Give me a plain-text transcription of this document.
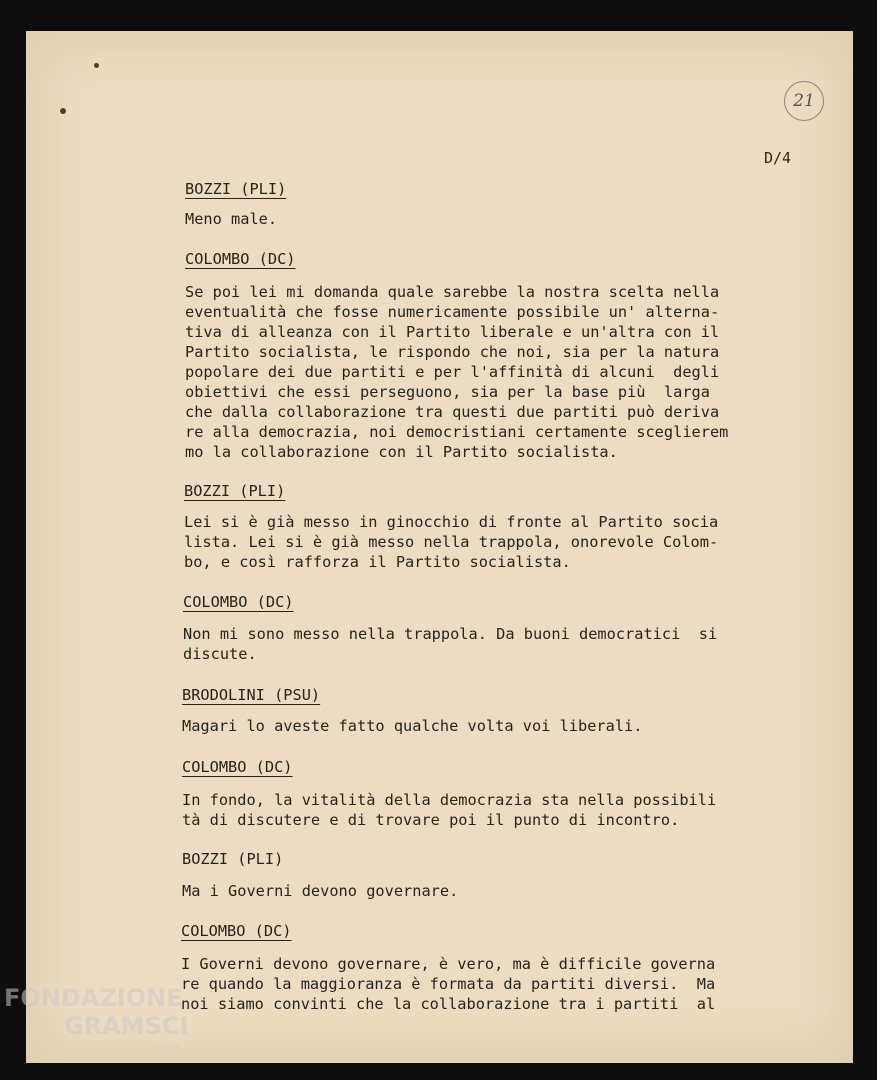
21
D/4
BOZZI (PLI)
Meno male.
COLOMBO (DC)
Se poi lei mi domanda quale sarebbe la nostra scelta nella
eventualità che fosse numericamente possibile un' alterna-
tiva di alleanza con il Partito liberale e un'altra con il
Partito socialista, le rispondo che noi, sia per la natura
popolare dei due partiti e per l'affinità di alcuni  degli
obiettivi che essi perseguono, sia per la base più  larga
che dalla collaborazione tra questi due partiti può deriva
re alla democrazia, noi democristiani certamente sceglierem
mo la collaborazione con il Partito socialista.
BOZZI (PLI)
Lei si è già messo in ginocchio di fronte al Partito socia
lista. Lei si è già messo nella trappola, onorevole Colom-
bo, e così rafforza il Partito socialista.
COLOMBO (DC)
Non mi sono messo nella trappola. Da buoni democratici  si
discute.
BRODOLINI (PSU)
Magari lo aveste fatto qualche volta voi liberali.
COLOMBO (DC)
In fondo, la vitalità della democrazia sta nella possibili
tà di discutere e di trovare poi il punto di incontro.
BOZZI (PLI)
Ma i Governi devono governare.
COLOMBO (DC)
I Governi devono governare, è vero, ma è difficile governa
re quando la maggioranza è formata da partiti diversi.  Ma
noi siamo convinti che la collaborazione tra i partiti  al
FONDAZIONE
GRAMSCI
onlus
